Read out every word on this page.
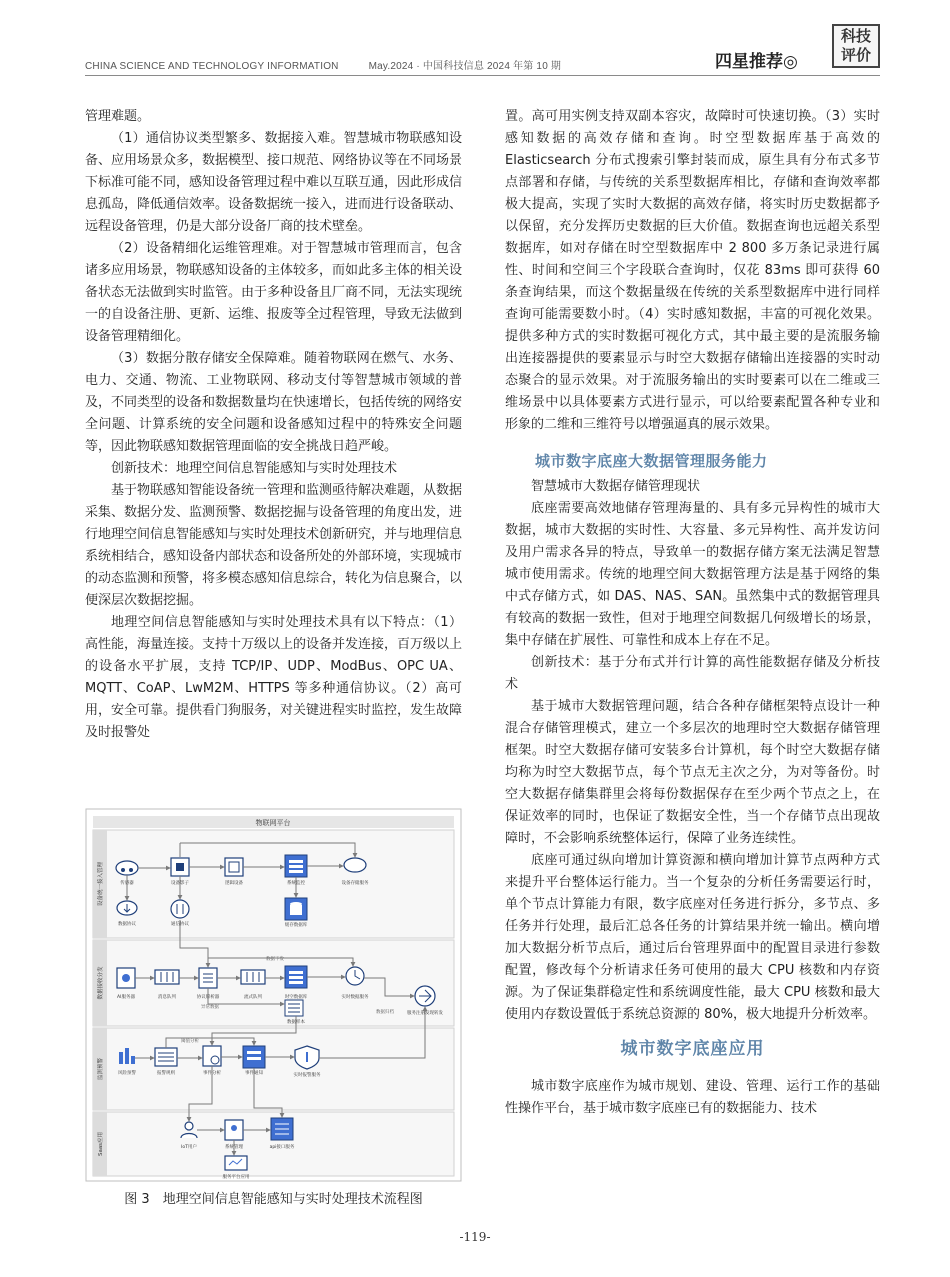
CHINA SCIENCE AND TECHNOLOGY INFORMATION	May.2024 · 中国科技信息 2024 年第 10 期	四星推荐◎
科技
评价

管理难题。

（1）通信协议类型繁多、数据接入难。智慧城市物联感知设备、应用场景众多，数据模型、接口规范、网络协议等在不同场景下标准可能不同，感知设备管理过程中难以互联互通，因此形成信息孤岛，降低通信效率。设备数据统一接入，进而进行设备联动、远程设备管理，仍是大部分设备厂商的技术壁垒。

（2）设备精细化运维管理难。对于智慧城市管理而言，包含诸多应用场景，物联感知设备的主体较多，而如此多主体的相关设备状态无法做到实时监管。由于多种设备且厂商不同，无法实现统一的自设备注册、更新、运维、报废等全过程管理，导致无法做到设备管理精细化。

（3）数据分散存储安全保障难。随着物联网在燃气、水务、电力、交通、物流、工业物联网、移动支付等智慧城市领域的普及，不同类型的设备和数据数量均在快速增长，包括传统的网络安全问题、计算系统的安全问题和设备感知过程中的特殊安全问题等，因此物联感知数据管理面临的安全挑战日趋严峻。

创新技术：地理空间信息智能感知与实时处理技术

基于物联感知智能设备统一管理和监测亟待解决难题，从数据采集、数据分发、监测预警、数据挖掘与设备管理的角度出发，进行地理空间信息智能感知与实时处理技术创新研究，并与地理信息系统相结合，感知设备内部状态和设备所处的外部环境，实现城市的动态监测和预警，将多模态感知信息综合，转化为信息聚合，以便深层次数据挖掘。

地理空间信息智能感知与实时处理技术具有以下特点：（1）高性能，海量连接。支持十万级以上的设备并发连接，百万级以上的设备水平扩展，支持 TCP/IP、UDP、ModBus、OPC UA、MQTT、CoAP、LwM2M、HTTPS 等多种通信协议。（2）高可用，安全可靠。提供看门狗服务，对关键进程实时监控，发生故障及时报警处

置。高可用实例支持双副本容灾，故障时可快速切换。（3）实时感知数据的高效存储和查询。时空型数据库基于高效的 Elasticsearch 分布式搜索引擎封装而成，原生具有分布式多节点部署和存储，与传统的关系型数据库相比，存储和查询效率都极大提高，实现了实时大数据的高效存储，将实时历史数据都予以保留，充分发挥历史数据的巨大价值。数据查询也远超关系型数据库，如对存储在时空型数据库中 2 800 多万条记录进行属性、时间和空间三个字段联合查询时，仅花 83ms 即可获得 60 条查询结果，而这个数据量级在传统的关系型数据库中进行同样查询可能需要数小时。（4）实时感知数据，丰富的可视化效果。提供多种方式的实时数据可视化方式，其中最主要的是流服务输出连接器提供的要素显示与时空大数据存储输出连接器的实时动态聚合的显示效果。对于流服务输出的实时要素可以在二维或三维场景中以具体要素方式进行显示，可以给要素配置各种专业和形象的二维和三维符号以增强逼真的展示效果。

城市数字底座大数据管理服务能力

智慧城市大数据存储管理现状

底座需要高效地储存管理海量的、具有多元异构性的城市大数据，城市大数据的实时性、大容量、多元异构性、高并发访问及用户需求各异的特点，导致单一的数据存储方案无法满足智慧城市使用需求。传统的地理空间大数据管理方法是基于网络的集中式存储方式，如 DAS、NAS、SAN。虽然集中式的数据管理具有较高的数据一致性，但对于地理空间数据几何级增长的场景，集中存储在扩展性、可靠性和成本上存在不足。

创新技术：基于分布式并行计算的高性能数据存储及分析技术

基于城市大数据管理问题，结合各种存储框架特点设计一种混合存储管理模式，建立一个多层次的地理时空大数据存储管理框架。时空大数据存储可安装多台计算机，每个时空大数据存储均称为时空大数据节点，每个节点无主次之分，为对等备份。时空大数据存储集群里会将每份数据保存在至少两个节点之上，在保证效率的同时，也保证了数据安全性，当一个存储节点出现故障时，不会影响系统整体运行，保障了业务连续性。

底座可通过纵向增加计算资源和横向增加计算节点两种方式来提升平台整体运行能力。当一个复杂的分析任务需要运行时，单个节点计算能力有限，数字底座对任务进行拆分，多节点、多任务并行处理，最后汇总各任务的计算结果并统一输出。横向增加大数据分析节点后，通过后台管理界面中的配置目录进行参数配置，修改每个分析请求任务可使用的最大 CPU 核数和内存资源。为了保证集群稳定性和系统调度性能，最大 CPU 核数和最大使用内存数设置低于系统总资源的 80%，极大地提升分析效率。

城市数字底座应用

城市数字底座作为城市规划、建设、管理、运行工作的基础性操作平台，基于城市数字底座已有的数据能力、技术

物联网平台
设备统一接入管理
数据接收分发
监测预警
Saas应用
传感器	设备影子	逻辑设备	系统监控	设备存储服务
数据协议	通信协议	缓存数据库
AI服务器	消息队列	协议解析器	流式队列	时空数据库	实时数据服务
服务注册发现转发
数据样本
数据下发
异常数据
数据归档
风险预警	报警规则	事件分析	事件通知	实时报警服务
阈值分析
IoT用户	系统管理	api接口服务
服务平台应用
图 3　地理空间信息智能感知与实时处理技术流程图
-119-
